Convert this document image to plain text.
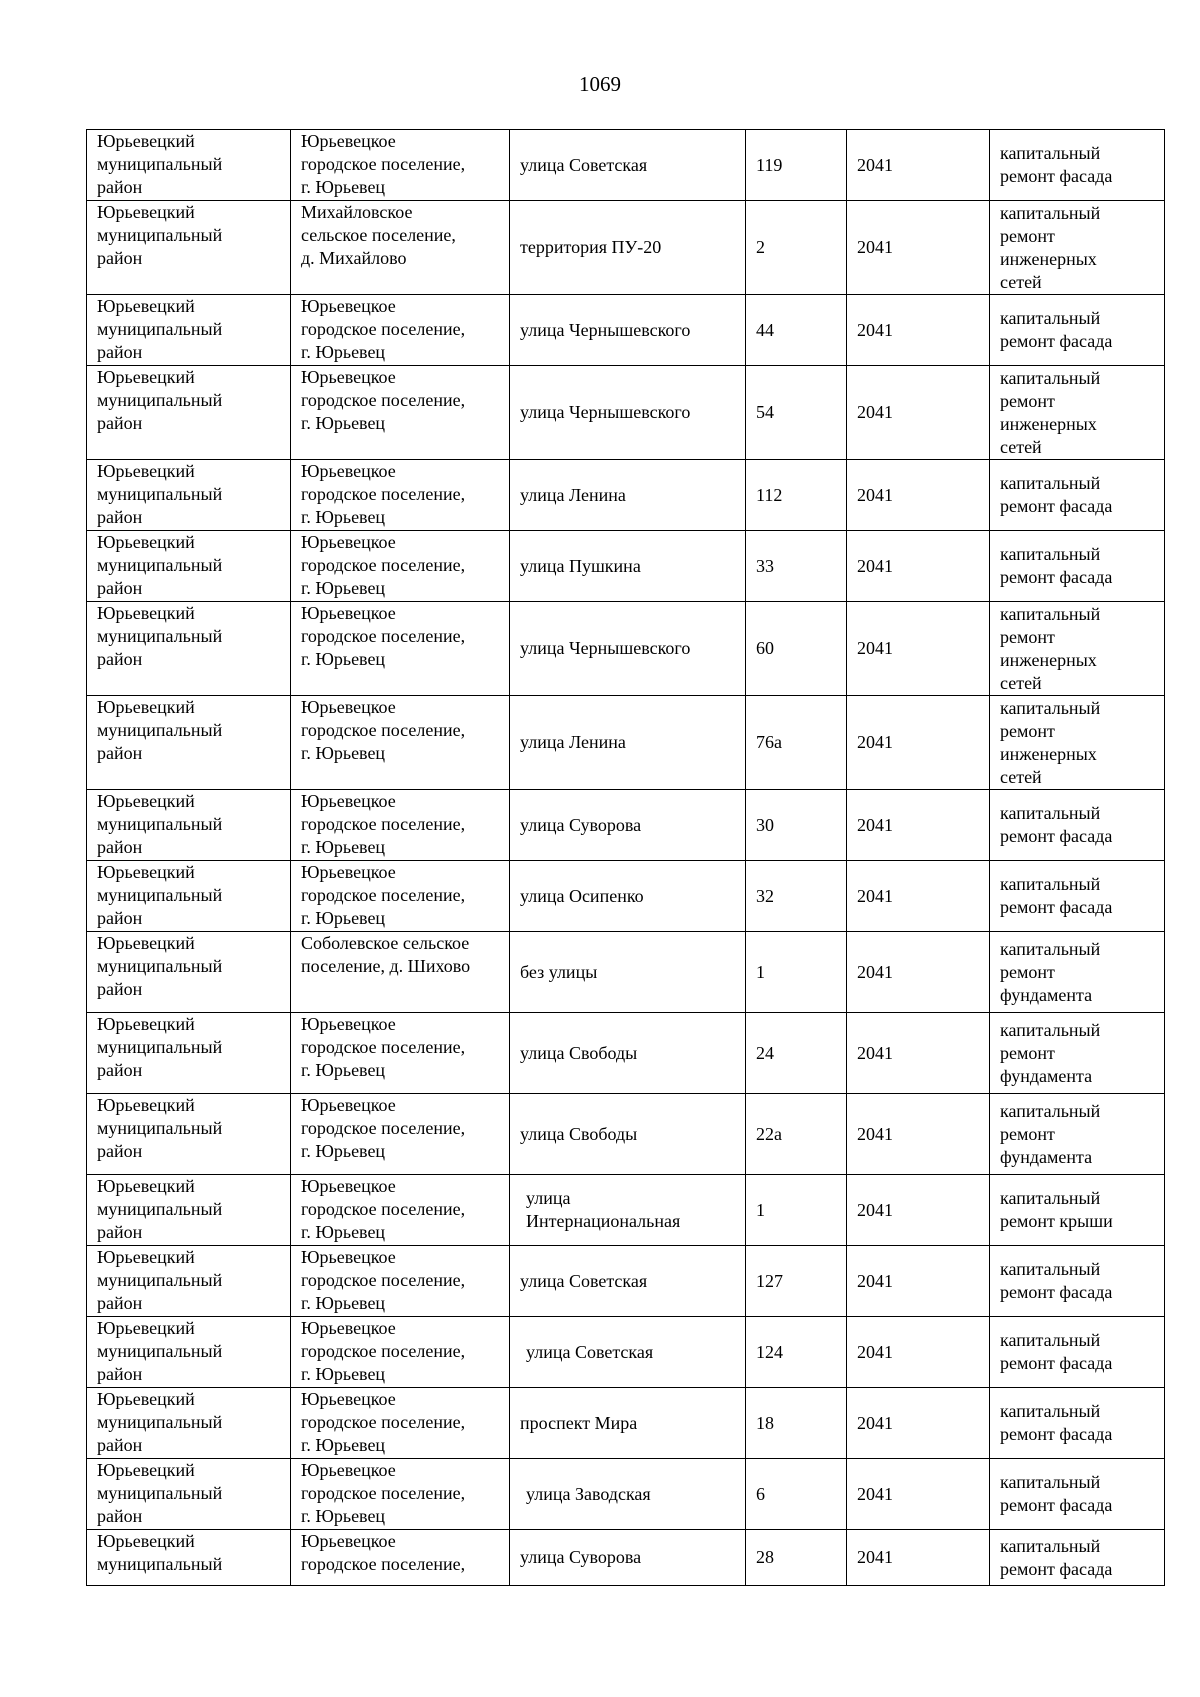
1069
Юрьевецкий
муниципальный
район	Юрьевецкое
городское поселение,
г. Юрьевец	улица Советская	119	2041	капитальный
ремонт фасада
Юрьевецкий
муниципальный
район	Михайловское
сельское поселение,
д. Михайлово	территория ПУ-20	2	2041	капитальный
ремонт
инженерных
сетей
Юрьевецкий
муниципальный
район	Юрьевецкое
городское поселение,
г. Юрьевец	улица Чернышевского	44	2041	капитальный
ремонт фасада
Юрьевецкий
муниципальный
район	Юрьевецкое
городское поселение,
г. Юрьевец	улица Чернышевского	54	2041	капитальный
ремонт
инженерных
сетей
Юрьевецкий
муниципальный
район	Юрьевецкое
городское поселение,
г. Юрьевец	улица Ленина	112	2041	капитальный
ремонт фасада
Юрьевецкий
муниципальный
район	Юрьевецкое
городское поселение,
г. Юрьевец	улица Пушкина	33	2041	капитальный
ремонт фасада
Юрьевецкий
муниципальный
район	Юрьевецкое
городское поселение,
г. Юрьевец	улица Чернышевского	60	2041	капитальный
ремонт
инженерных
сетей
Юрьевецкий
муниципальный
район	Юрьевецкое
городское поселение,
г. Юрьевец	улица Ленина	76а	2041	капитальный
ремонт
инженерных
сетей
Юрьевецкий
муниципальный
район	Юрьевецкое
городское поселение,
г. Юрьевец	улица Суворова	30	2041	капитальный
ремонт фасада
Юрьевецкий
муниципальный
район	Юрьевецкое
городское поселение,
г. Юрьевец	улица Осипенко	32	2041	капитальный
ремонт фасада
Юрьевецкий
муниципальный
район	Соболевское сельское
поселение, д. Шихово	без улицы	1	2041	капитальный
ремонт
фундамента
Юрьевецкий
муниципальный
район	Юрьевецкое
городское поселение,
г. Юрьевец	улица Свободы	24	2041	капитальный
ремонт
фундамента
Юрьевецкий
муниципальный
район	Юрьевецкое
городское поселение,
г. Юрьевец	улица Свободы	22а	2041	капитальный
ремонт
фундамента
Юрьевецкий
муниципальный
район	Юрьевецкое
городское поселение,
г. Юрьевец	улица
Интернациональная	1	2041	капитальный
ремонт крыши
Юрьевецкий
муниципальный
район	Юрьевецкое
городское поселение,
г. Юрьевец	улица Советская	127	2041	капитальный
ремонт фасада
Юрьевецкий
муниципальный
район	Юрьевецкое
городское поселение,
г. Юрьевец	улица Советская	124	2041	капитальный
ремонт фасада
Юрьевецкий
муниципальный
район	Юрьевецкое
городское поселение,
г. Юрьевец	проспект Мира	18	2041	капитальный
ремонт фасада
Юрьевецкий
муниципальный
район	Юрьевецкое
городское поселение,
г. Юрьевец	улица Заводская	6	2041	капитальный
ремонт фасада
Юрьевецкий
муниципальный	Юрьевецкое
городское поселение,	улица Суворова	28	2041	капитальный
ремонт фасада
